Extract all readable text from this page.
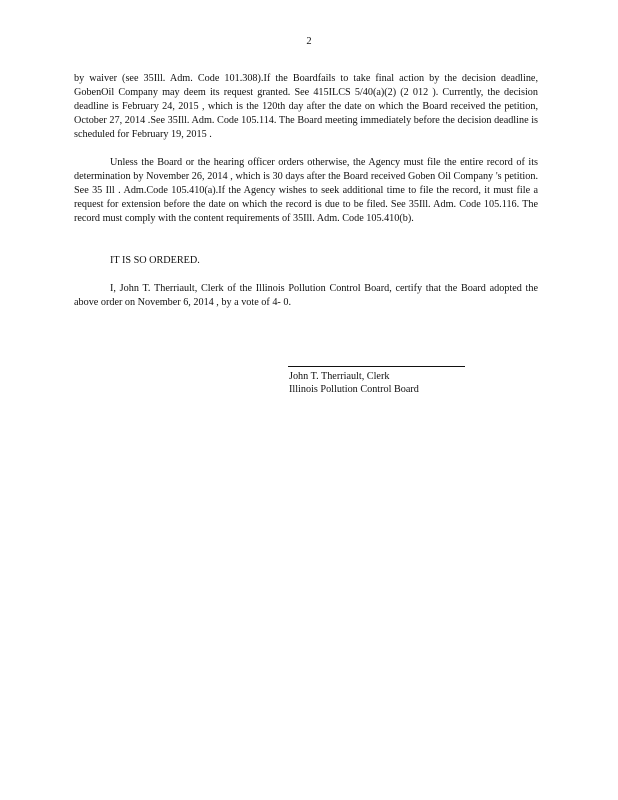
2
by waiver (see 35Ill. Adm. Code 101.308).If the Boardfails to take final action by the decision deadline, GobenOil Company may deem its request granted. See 415ILCS 5/40(a)(2) (2 012 ). Currently, the decision deadline is February 24, 2015 , which is the 120th day after the date on which the Board received the petition, October 27, 2014 .See 35Ill. Adm. Code 105.114. The Board meeting immediately before the decision deadline is scheduled for February 19, 2015 .
Unless the Board or the hearing officer orders otherwise, the Agency must file the entire record of its determination by November 26, 2014 , which is 30 days after the Board received Goben Oil Company 's petition. See 35 Ill . Adm.Code 105.410(a).If the Agency wishes to seek additional time to file the record, it must file a request for extension before the date on which the record is due to be filed. See 35Ill. Adm. Code 105.116. The record must comply with the content requirements of 35Ill. Adm. Code 105.410(b).
IT IS SO ORDERED.
I, John T. Therriault, Clerk of the Illinois Pollution Control Board, certify that the Board adopted the above order on November 6, 2014 , by a vote of 4- 0.
John T. Therriault, Clerk
Illinois Pollution Control Board
